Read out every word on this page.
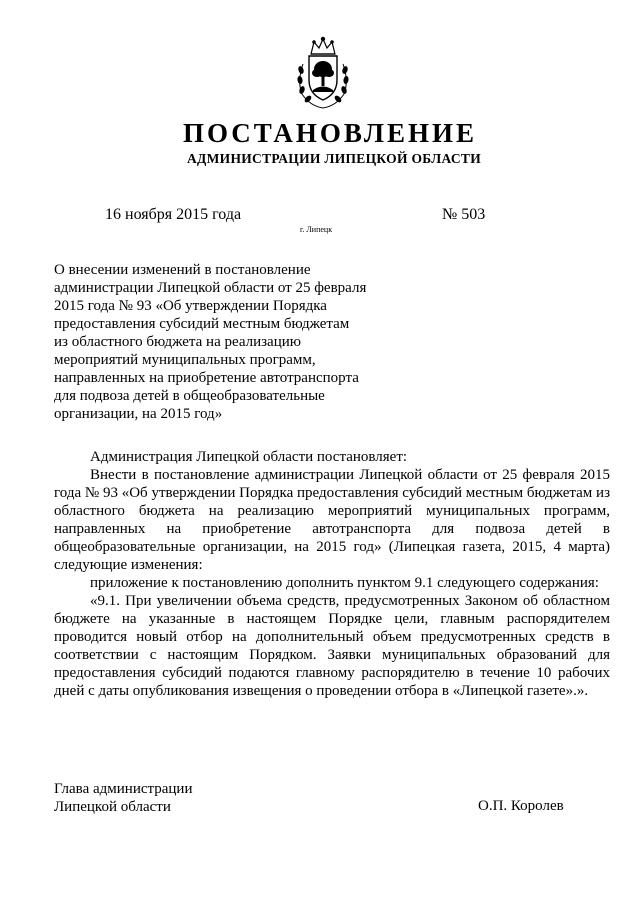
ПОСТАНОВЛЕНИЕ
АДМИНИСТРАЦИИ ЛИПЕЦКОЙ ОБЛАСТИ
16 ноября 2015 года
г. Липецк
№ 503
О внесении изменений в постановление
администрации Липецкой области от 25 февраля
2015 года № 93 «Об утверждении Порядка
предоставления субсидий местным бюджетам
из областного бюджета на реализацию
мероприятий муниципальных программ,
направленных на приобретение автотранспорта
для подвоза детей в общеобразовательные
организации, на 2015 год»

Администрация Липецкой области постановляет:

Внести в постановление администрации Липецкой области от 25 февраля 2015 года № 93 «Об утверждении Порядка предоставления субсидий местным бюджетам из областного бюджета на реализацию мероприятий муниципальных программ, направленных на приобретение автотранспорта для подвоза детей в общеобразовательные организации, на 2015 год» (Липецкая газета, 2015, 4 марта) следующие изменения:

приложение к постановлению дополнить пунктом 9.1 следующего содержания:

«9.1. При увеличении объема средств, предусмотренных Законом об областном бюджете на указанные в настоящем Порядке цели, главным распорядителем проводится новый отбор на дополнительный объем предусмотренных средств в соответствии с настоящим Порядком. Заявки муниципальных образований для предоставления субсидий подаются главному распорядителю в течение 10 рабочих дней с даты опубликования извещения о проведении отбора в «Липецкой газете».».

Глава администрации
Липецкой области	О.П. Королев
